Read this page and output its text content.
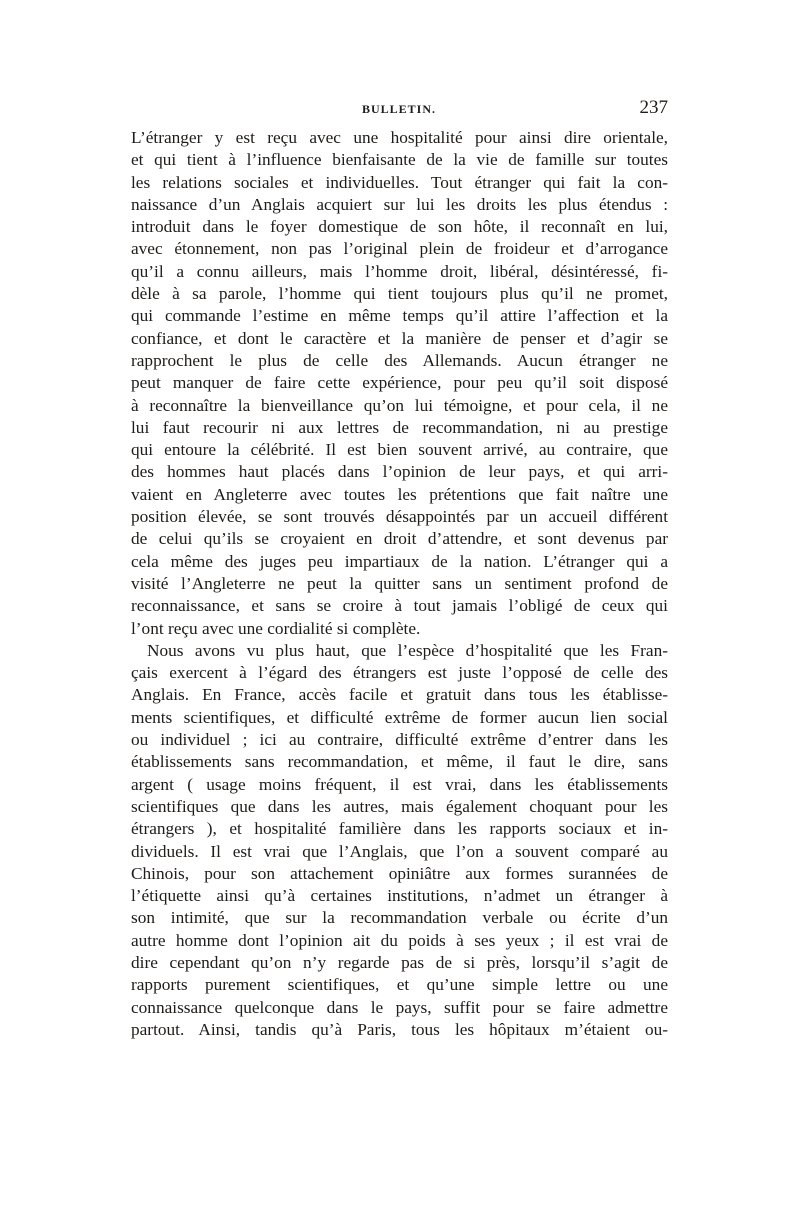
BULLETIN.	237
L’étranger y est reçu avec une hospitalité pour ainsi dire orientale,
et qui tient à l’influence bienfaisante de la vie de famille sur toutes
les relations sociales et individuelles. Tout étranger qui fait la con-
naissance d’un Anglais acquiert sur lui les droits les plus étendus :
introduit dans le foyer domestique de son hôte, il reconnaît en lui,
avec étonnement, non pas l’original plein de froideur et d’arrogance
qu’il a connu ailleurs, mais l’homme droit, libéral, désintéressé, fi-
dèle à sa parole, l’homme qui tient toujours plus qu’il ne promet,
qui commande l’estime en même temps qu’il attire l’affection et la
confiance, et dont le caractère et la manière de penser et d’agir se
rapprochent le plus de celle des Allemands. Aucun étranger ne
peut manquer de faire cette expérience, pour peu qu’il soit disposé
à reconnaître la bienveillance qu’on lui témoigne, et pour cela, il ne
lui faut recourir ni aux lettres de recommandation, ni au prestige
qui entoure la célébrité. Il est bien souvent arrivé, au contraire, que
des hommes haut placés dans l’opinion de leur pays, et qui arri-
vaient en Angleterre avec toutes les prétentions que fait naître une
position élevée, se sont trouvés désappointés par un accueil différent
de celui qu’ils se croyaient en droit d’attendre, et sont devenus par
cela même des juges peu impartiaux de la nation. L’étranger qui a
visité l’Angleterre ne peut la quitter sans un sentiment profond de
reconnaissance, et sans se croire à tout jamais l’obligé de ceux qui
l’ont reçu avec une cordialité si complète.
Nous avons vu plus haut, que l’espèce d’hospitalité que les Fran-
çais exercent à l’égard des étrangers est juste l’opposé de celle des
Anglais. En France, accès facile et gratuit dans tous les établisse-
ments scientifiques, et difficulté extrême de former aucun lien social
ou individuel ; ici au contraire, difficulté extrême d’entrer dans les
établissements sans recommandation, et même, il faut le dire, sans
argent ( usage moins fréquent, il est vrai, dans les établissements
scientifiques que dans les autres, mais également choquant pour les
étrangers ), et hospitalité familière dans les rapports sociaux et in-
dividuels. Il est vrai que l’Anglais, que l’on a souvent comparé au
Chinois, pour son attachement opiniâtre aux formes surannées de
l’étiquette ainsi qu’à certaines institutions, n’admet un étranger à
son intimité, que sur la recommandation verbale ou écrite d’un
autre homme dont l’opinion ait du poids à ses yeux ; il est vrai de
dire cependant qu’on n’y regarde pas de si près, lorsqu’il s’agit de
rapports purement scientifiques, et qu’une simple lettre ou une
connaissance quelconque dans le pays, suffit pour se faire admettre
partout. Ainsi, tandis qu’à Paris, tous les hôpitaux m’étaient ou-
